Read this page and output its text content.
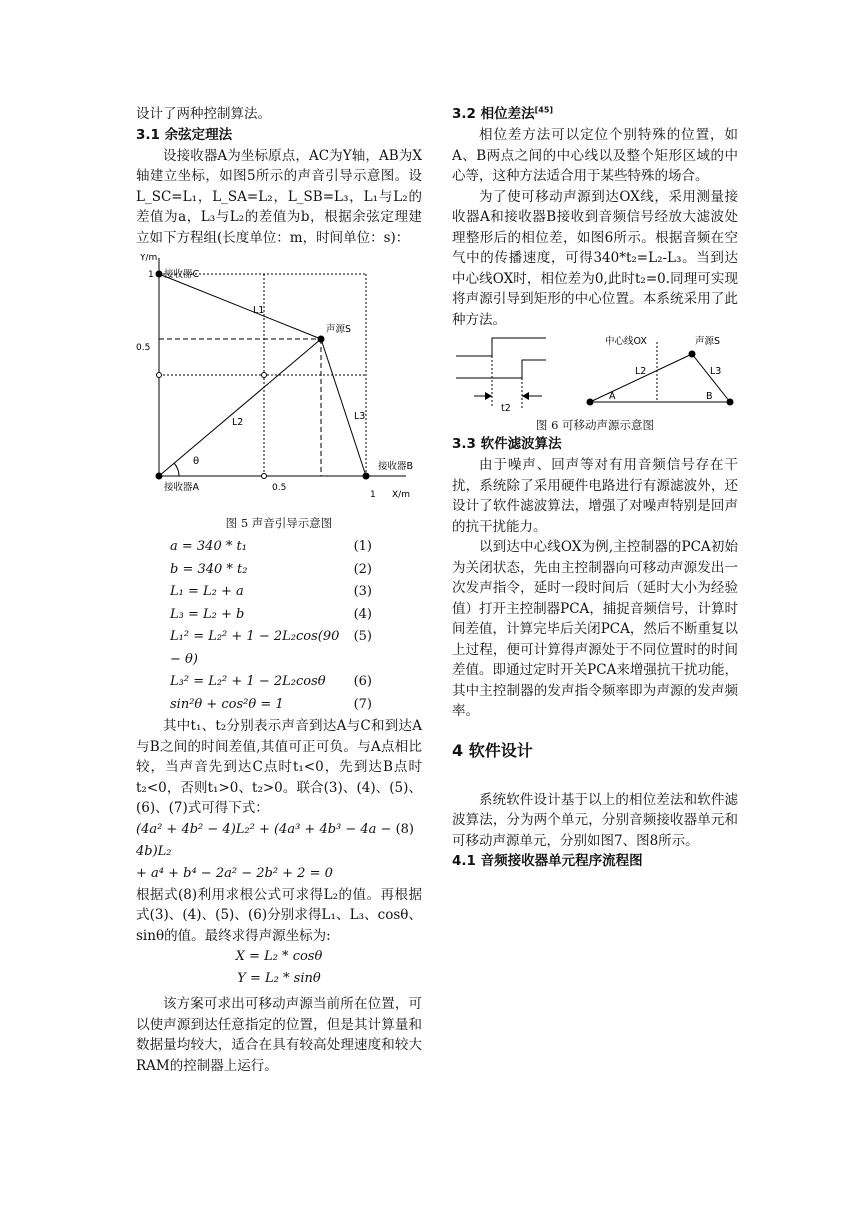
设计了两种控制算法。

3.1 余弦定理法

设接收器A为坐标原点，AC为Y轴，AB为X轴建立坐标，如图5所示的声音引导示意图。设L_SC=L₁，L_SA=L₂，L_SB=L₃，L₁与L₂的差值为a，L₃与L₂的差值为b，根据余弦定理建立如下方程组(长度单位：m，时间单位：s)：

Y/m
1
0.5
接收器C
声源S
L1
L2
L3
θ	接收器B
接收器A	0.5
1 X/m
图 5 声音引导示意图
a = 340 * t₁	(1)
b = 340 * t₂	(2)
L₁ = L₂ + a	(3)
L₃ = L₂ + b	(4)
L₁² = L₂² + 1 − 2L₂cos(90 − θ)
(5)
L₃² = L₂² + 1 − 2L₂cosθ (6)
sin²θ + cos²θ = 1	(7)

其中t₁、t₂分别表示声音到达A与C和到达A与B之间的时间差值,其值可正可负。与A点相比较，当声音先到达C点时t₁<0，先到达B点时t₂<0，否则t₁>0、t₂>0。联合(3)、(4)、(5)、(6)、(7)式可得下式：

(4a² + 4b² − 4)L₂² + (4a³ + 4b³ − 4a − 4b)L₂
(8)
+ a⁴ + b⁴ − 2a² − 2b² + 2 = 0

根据式(8)利用求根公式可求得L₂的值。再根据式(3)、(4)、(5)、(6)分别求得L₁、L₃、cosθ、sinθ的值。最终求得声源坐标为:

X = L₂ * cosθ
Y = L₂ * sinθ

该方案可求出可移动声源当前所在位置，可以使声源到达任意指定的位置，但是其计算量和数据量均较大，适合在具有较高处理速度和较大RAM的控制器上运行。

3.2 相位差法[45]

相位差方法可以定位个别特殊的位置，如A、B两点之间的中心线以及整个矩形区域的中心等，这种方法适合用于某些特殊的场合。

为了使可移动声源到达OX线，采用测量接收器A和接收器B接收到音频信号经放大滤波处理整形后的相位差，如图6所示。根据音频在空气中的传播速度，可得340*t₂=L₂-L₃。当到达中心线OX时，相位差为0,此时t₂=0.同理可实现将声源引导到矩形的中心位置。本系统采用了此种方法。

t2
中心线OX	声源S
L2	L3
A	B
图 6 可移动声源示意图
3.3 软件滤波算法

由于噪声、回声等对有用音频信号存在干扰，系统除了采用硬件电路进行有源滤波外，还设计了软件滤波算法，增强了对噪声特别是回声的抗干扰能力。

以到达中心线OX为例,主控制器的PCA初始为关闭状态，先由主控制器向可移动声源发出一次发声指令，延时一段时间后（延时大小为经验值）打开主控制器PCA，捕捉音频信号，计算时间差值，计算完毕后关闭PCA，然后不断重复以上过程，便可计算得声源处于不同位置时的时间差值。即通过定时开关PCA来增强抗干扰功能，其中主控制器的发声指令频率即为声源的发声频率。

4 软件设计

系统软件设计基于以上的相位差法和软件滤波算法，分为两个单元，分别音频接收器单元和可移动声源单元，分别如图7、图8所示。

4.1 音频接收器单元程序流程图
